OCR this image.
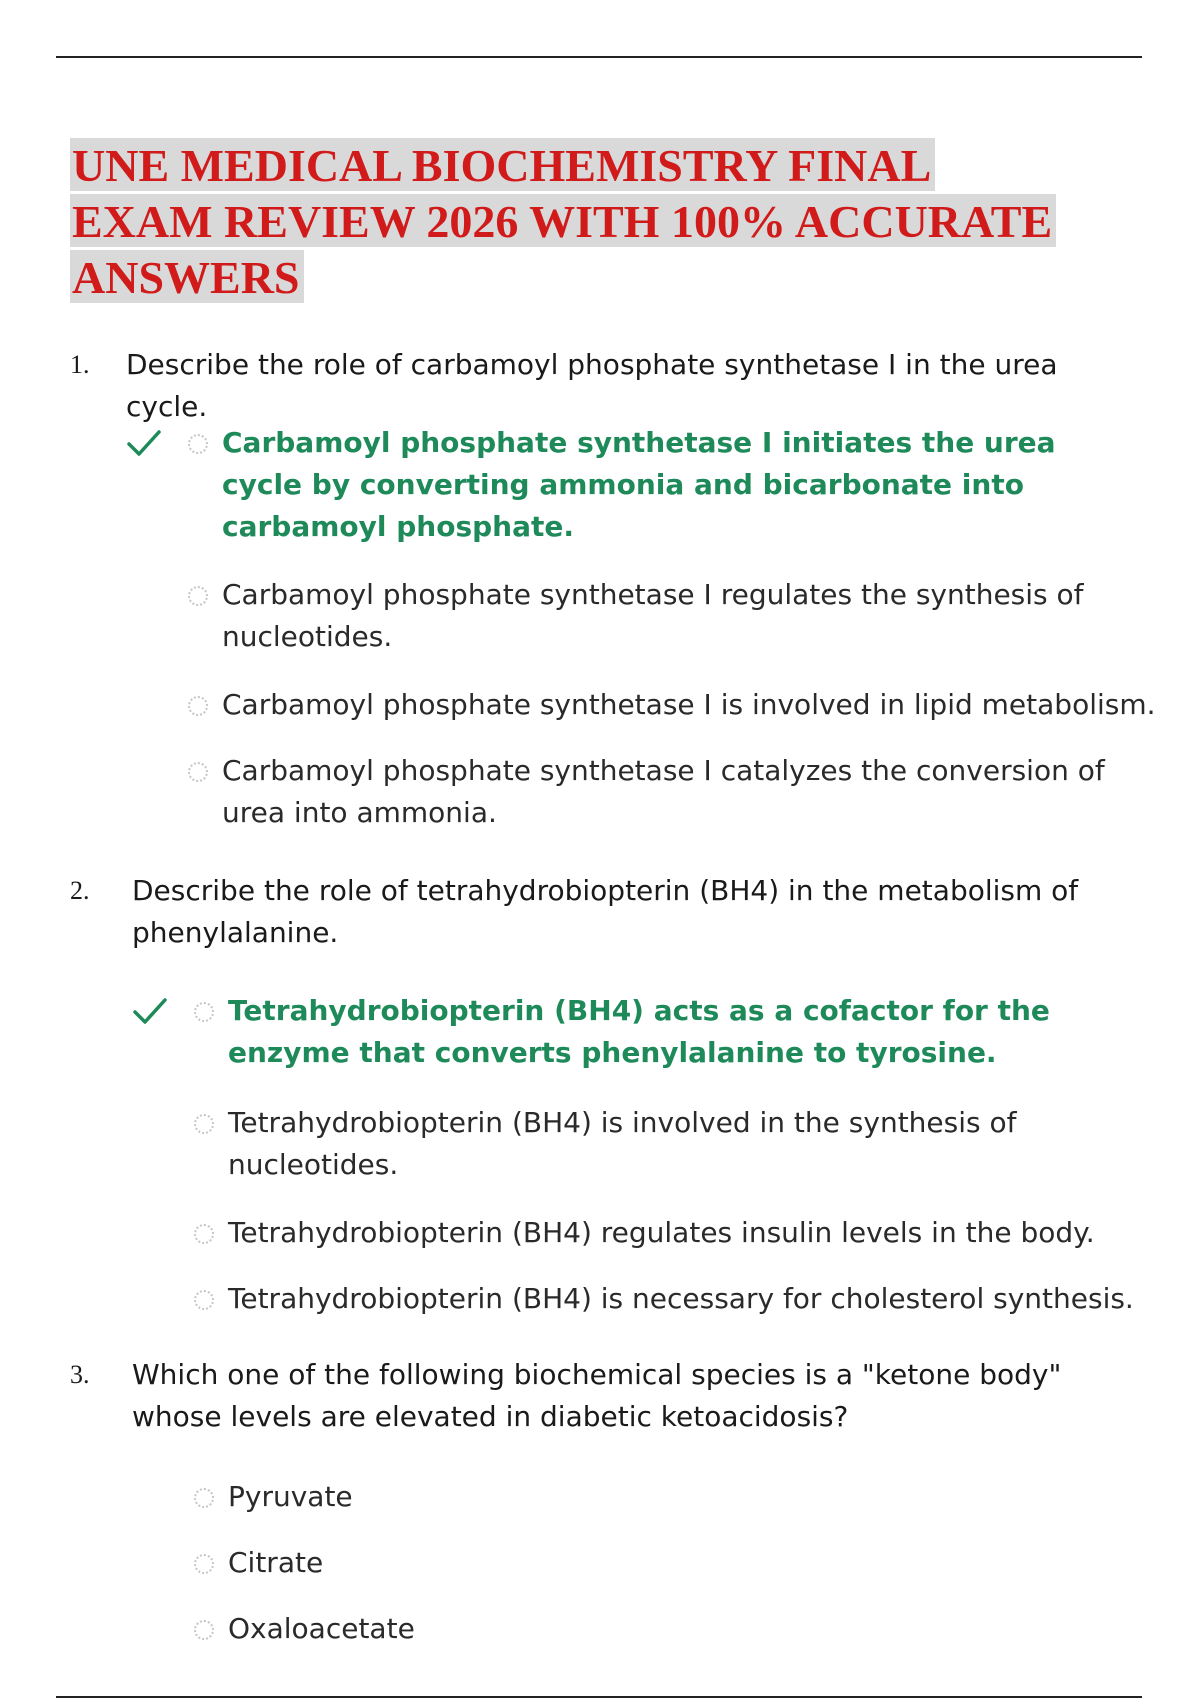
UNE MEDICAL BIOCHEMISTRY FINAL
EXAM REVIEW 2026 WITH 100% ACCURATE
ANSWERS
1. Describe the role of carbamoyl phosphate synthetase I in the urea cycle.
Carbamoyl phosphate synthetase I initiates the urea cycle by converting ammonia and bicarbonate into carbamoyl phosphate.
Carbamoyl phosphate synthetase I regulates the synthesis of nucleotides.
Carbamoyl phosphate synthetase I is involved in lipid metabolism.
Carbamoyl phosphate synthetase I catalyzes the conversion of urea into ammonia.
2. Describe the role of tetrahydrobiopterin (BH4) in the metabolism of phenylalanine.
Tetrahydrobiopterin (BH4) acts as a cofactor for the enzyme that converts phenylalanine to tyrosine.
Tetrahydrobiopterin (BH4) is involved in the synthesis of nucleotides.
Tetrahydrobiopterin (BH4) regulates insulin levels in the body.
Tetrahydrobiopterin (BH4) is necessary for cholesterol synthesis.
3. Which one of the following biochemical species is a "ketone body" whose levels are elevated in diabetic ketoacidosis?
Pyruvate
Citrate
Oxaloacetate
